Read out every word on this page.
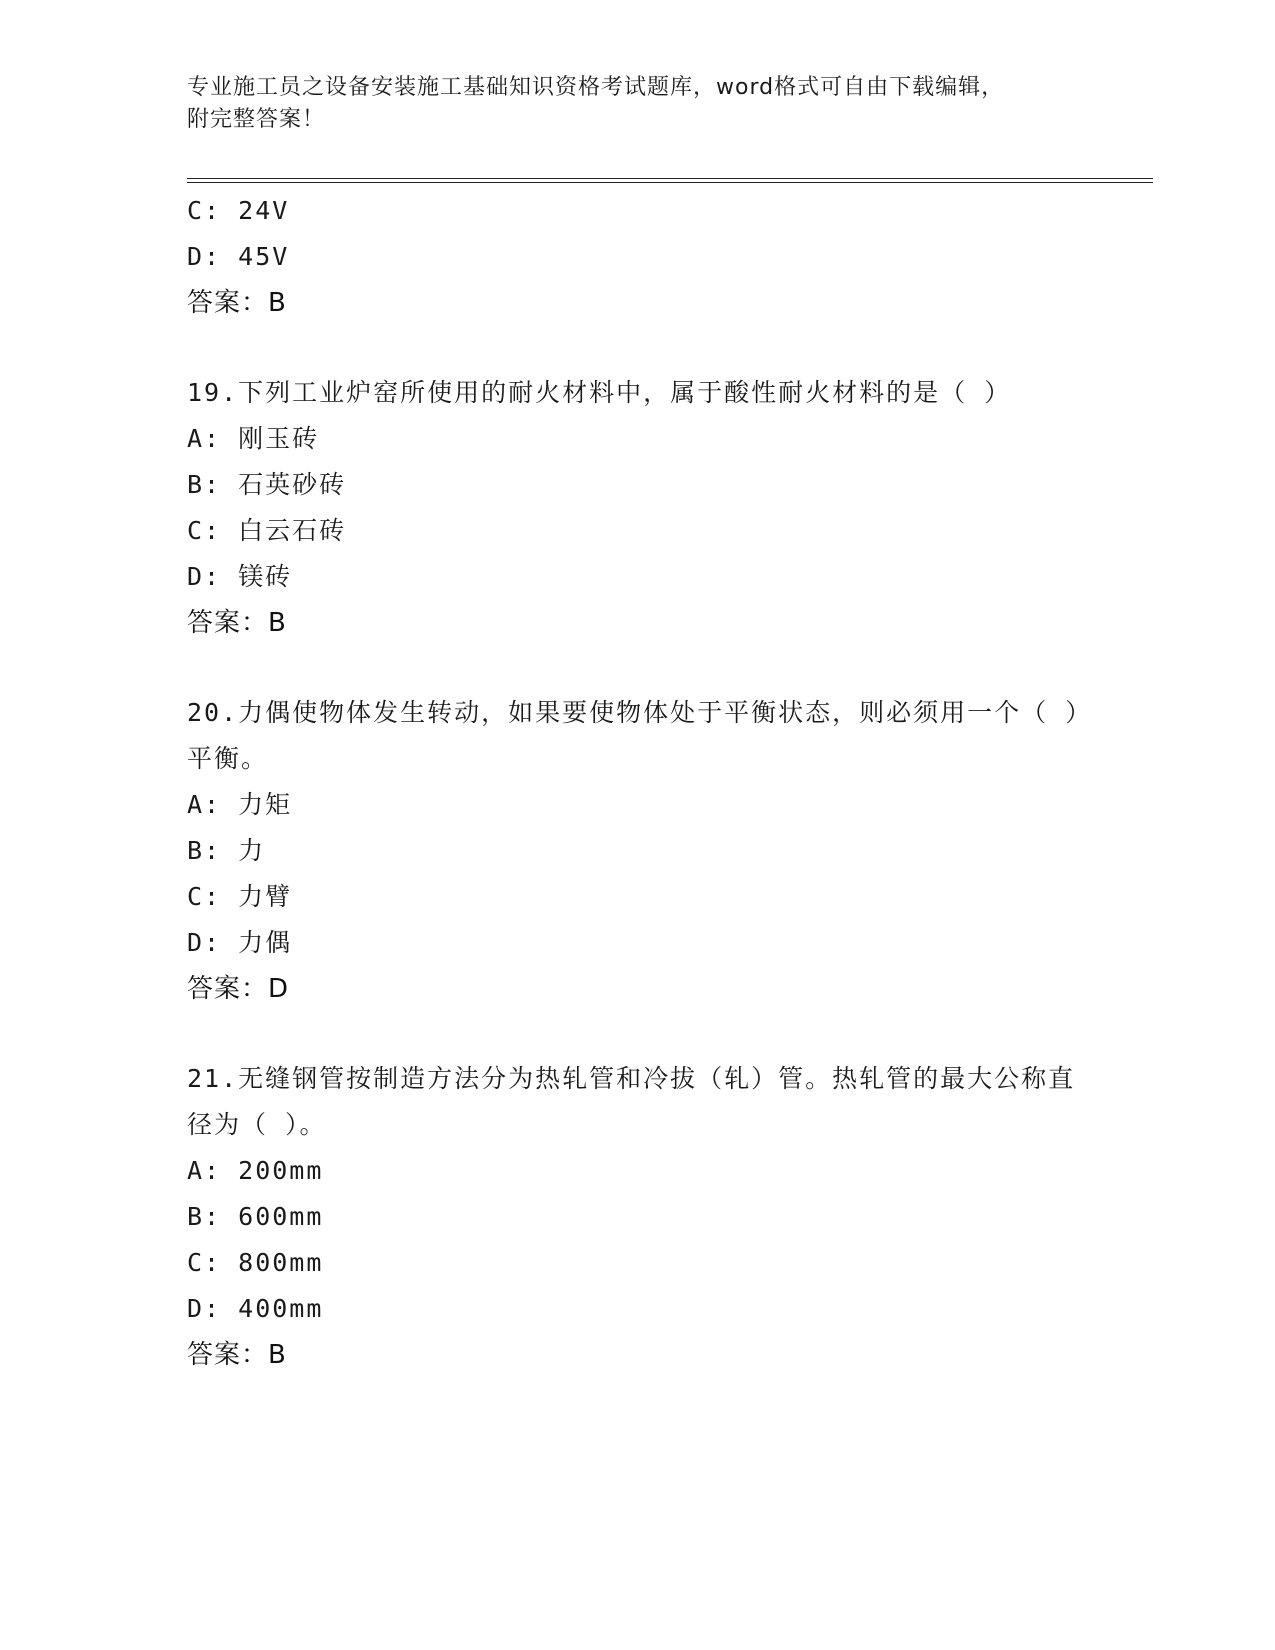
专业施工员之设备安装施工基础知识资格考试题库，word格式可自由下载编辑，
附完整答案！
C: 24V
D: 45V
答案：B
19.下列工业炉窑所使用的耐火材料中，属于酸性耐火材料的是（ ）
A: 刚玉砖
B: 石英砂砖
C: 白云石砖
D: 镁砖
答案：B
20.力偶使物体发生转动，如果要使物体处于平衡状态，则必须用一个（ ）平衡。
A: 力矩
B: 力
C: 力臂
D: 力偶
答案：D
21.无缝钢管按制造方法分为热轧管和冷拔（轧）管。热轧管的最大公称直径为（ ）。
A: 200mm
B: 600mm
C: 800mm
D: 400mm
答案：B
